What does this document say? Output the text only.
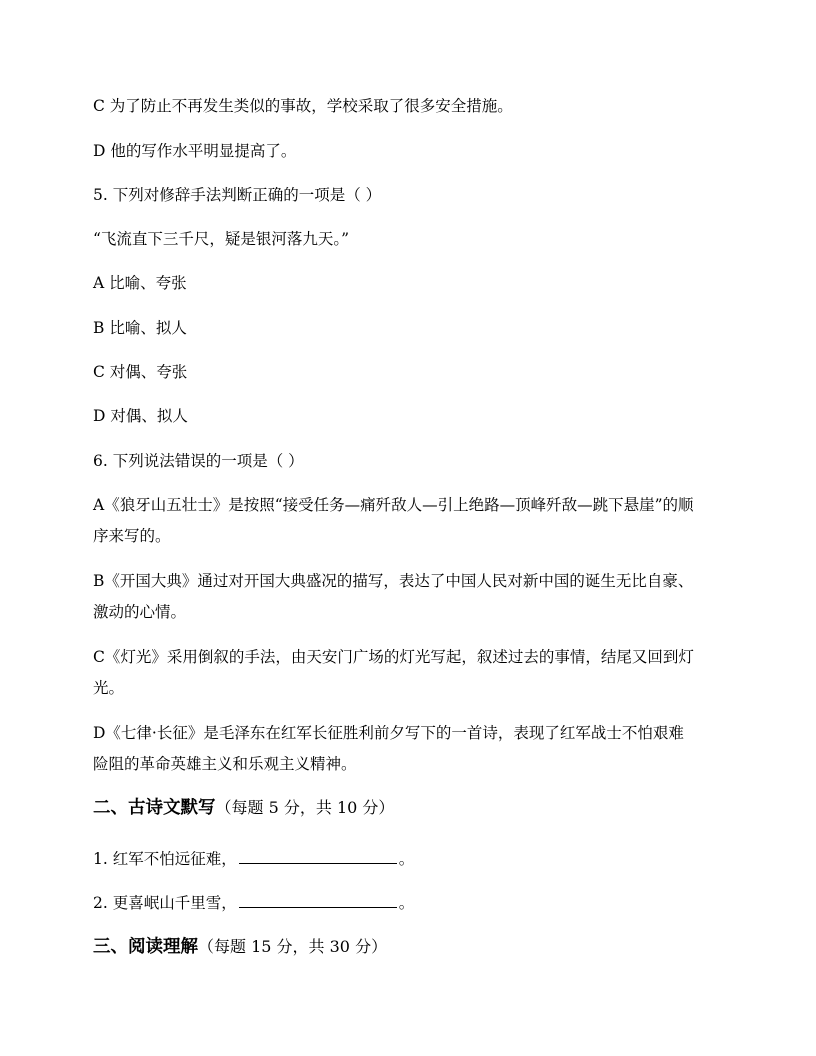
C 为了防止不再发生类似的事故，学校采取了很多安全措施。

D 他的写作水平明显提高了。

5. 下列对修辞手法判断正确的一项是（ ）

“飞流直下三千尺，疑是银河落九天。”

A 比喻、夸张

B 比喻、拟人

C 对偶、夸张

D 对偶、拟人

6. 下列说法错误的一项是（ ）

A《狼牙山五壮士》是按照“接受任务—痛歼敌人—引上绝路—顶峰歼敌—跳下悬崖”的顺

序来写的。

B《开国大典》通过对开国大典盛况的描写，表达了中国人民对新中国的诞生无比自豪、

激动的心情。

C《灯光》采用倒叙的手法，由天安门广场的灯光写起，叙述过去的事情，结尾又回到灯

光。

D《七律·长征》是毛泽东在红军长征胜利前夕写下的一首诗，表现了红军战士不怕艰难

险阻的革命英雄主义和乐观主义精神。

二、古诗文默写（每题 5 分，共 10 分）

1. 红军不怕远征难，	。

2. 更喜岷山千里雪，	。

三、阅读理解（每题 15 分，共 30 分）
